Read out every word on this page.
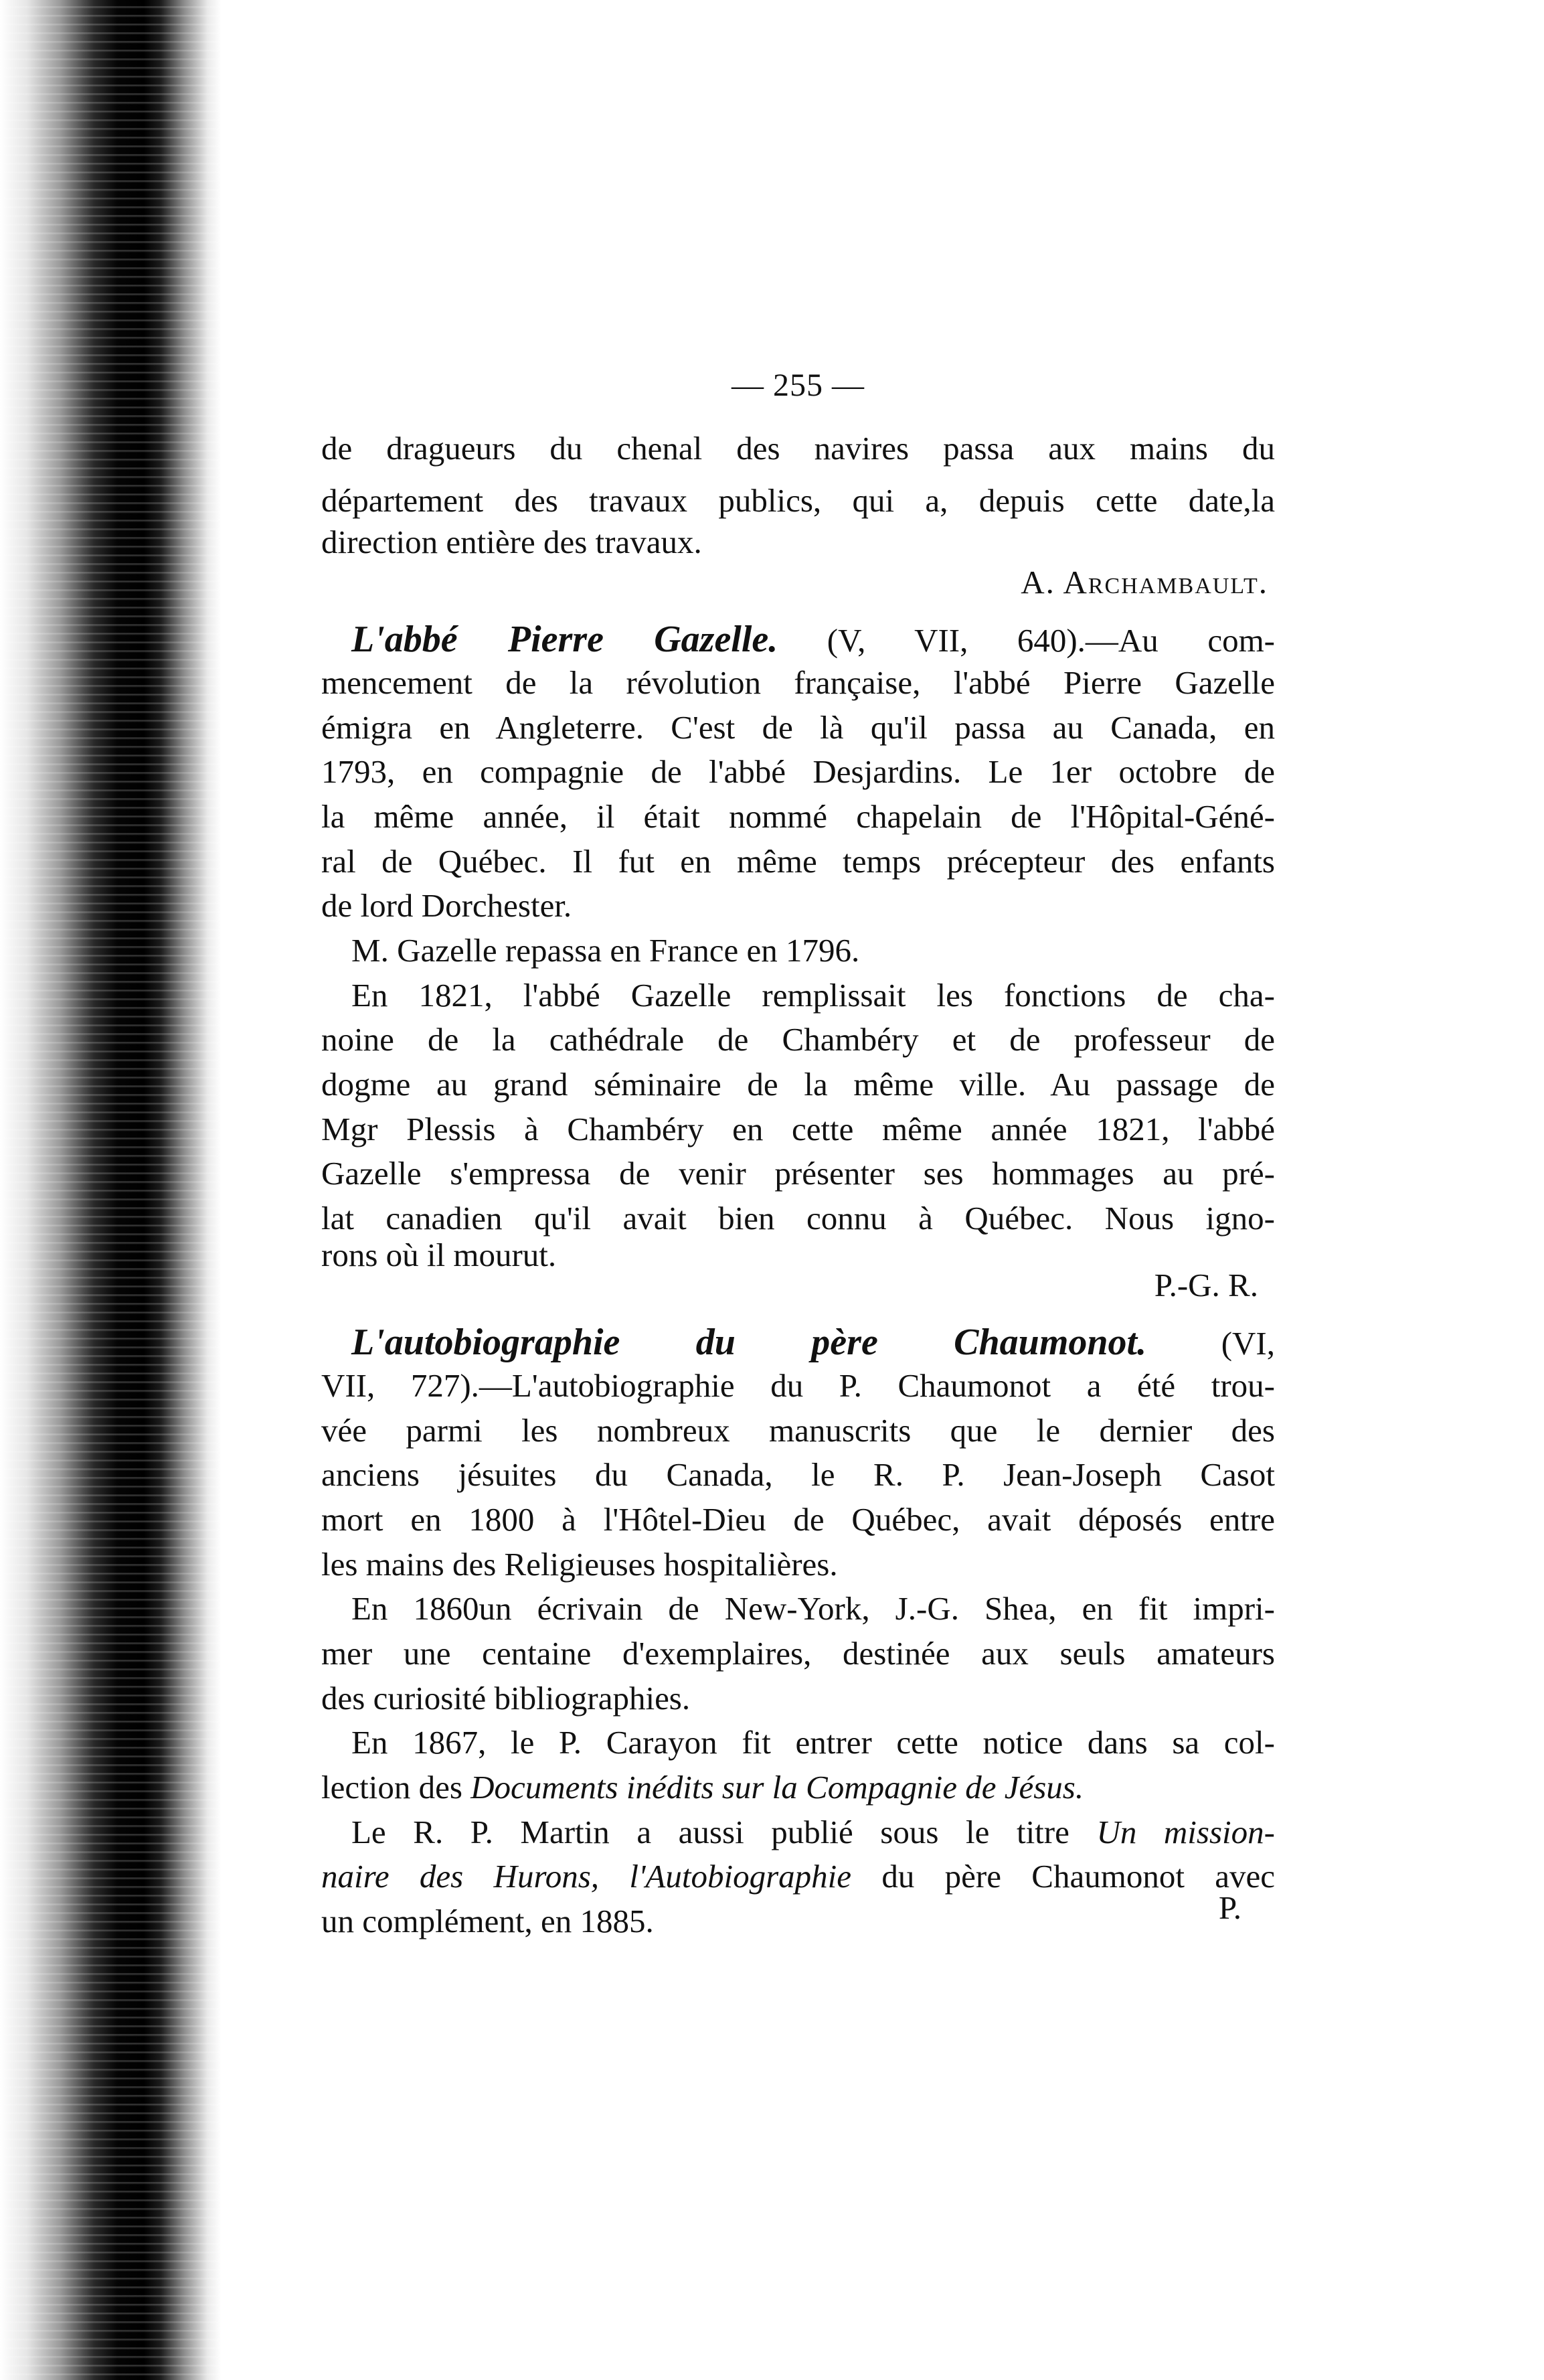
— 255 —
de dragueurs du chenal des navires passa aux mains du
département des travaux publics, qui a, depuis cette date,la
direction entière des travaux.
A. Archambault.
L'abbé Pierre Gazelle. (V, VII, 640).—Au com-
mencement de la révolution française, l'abbé Pierre Gazelle
émigra en Angleterre. C'est de là qu'il passa au Canada, en
1793, en compagnie de l'abbé Desjardins. Le 1er octobre de
la même année, il était nommé chapelain de l'Hôpital-Géné-
ral de Québec. Il fut en même temps précepteur des enfants
de lord Dorchester.
M. Gazelle repassa en France en 1796.
En 1821, l'abbé Gazelle remplissait les fonctions de cha-
noine de la cathédrale de Chambéry et de professeur de
dogme au grand séminaire de la même ville. Au passage de
Mgr Plessis à Chambéry en cette même année 1821, l'abbé
Gazelle s'empressa de venir présenter ses hommages au pré-
lat canadien qu'il avait bien connu à Québec. Nous igno-
rons où il mourut.
P.-G. R.
L'autobiographie du père Chaumonot. (VI,
VII, 727).—L'autobiographie du P. Chaumonot a été trou-
vée parmi les nombreux manuscrits que le dernier des
anciens jésuites du Canada, le R. P. Jean-Joseph Casot
mort en 1800 à l'Hôtel-Dieu de Québec, avait déposés entre
les mains des Religieuses hospitalières.
En 1860un écrivain de New-York, J.-G. Shea, en fit impri-
mer une centaine d'exemplaires, destinée aux seuls amateurs
des curiosité bibliographies.
En 1867, le P. Carayon fit entrer cette notice dans sa col-
lection des Documents inédits sur la Compagnie de Jésus.
Le R. P. Martin a aussi publié sous le titre Un mission-
naire des Hurons, l'Autobiographie du père Chaumonot avec
un complément, en 1885.	P.
